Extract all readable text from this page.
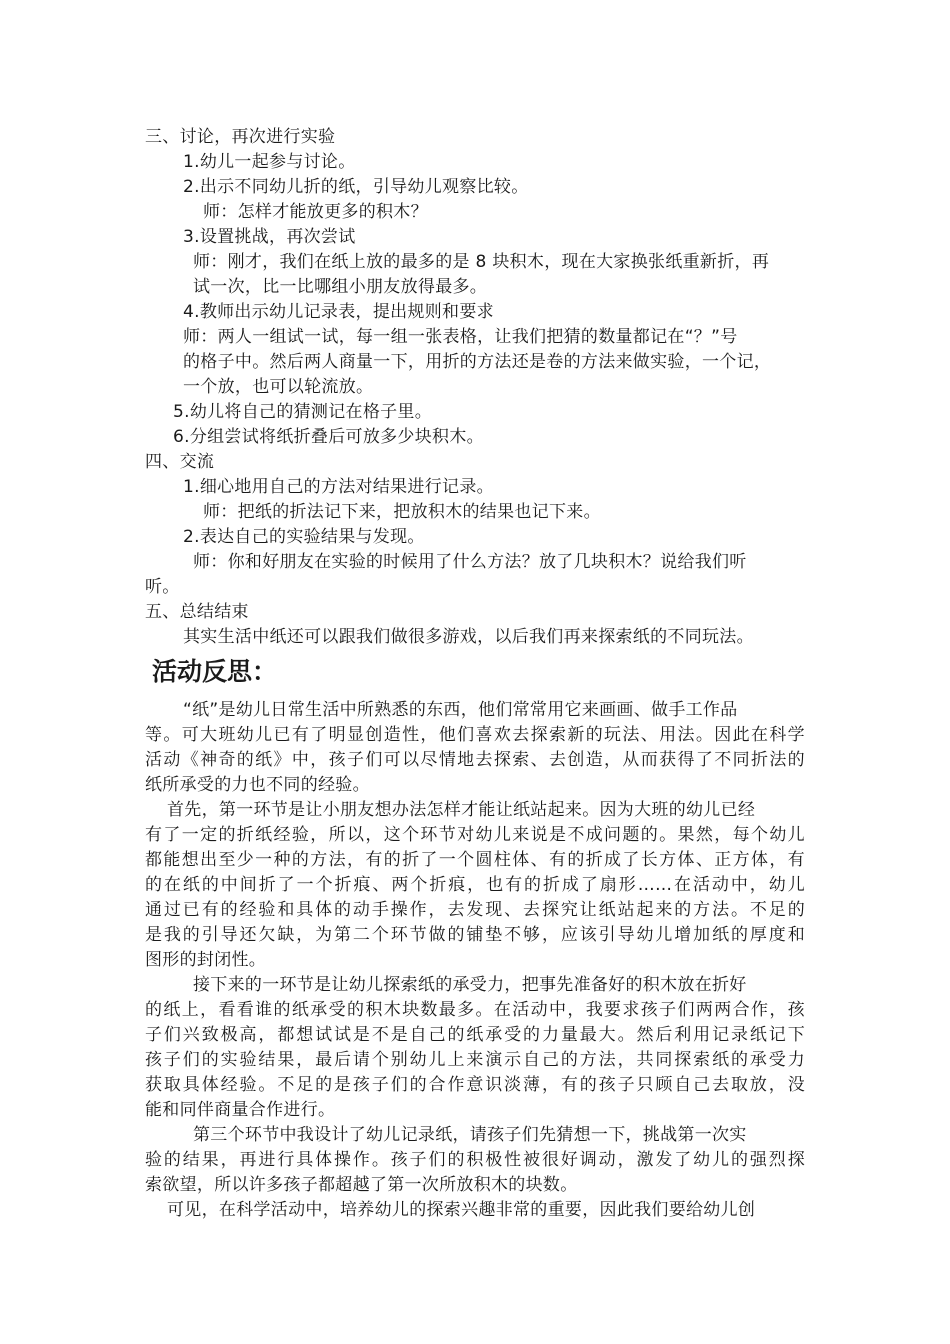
三、讨论，再次进行实验
1.幼儿一起参与讨论。
2.出示不同幼儿折的纸，引导幼儿观察比较。
师：怎样才能放更多的积木？
3.设置挑战，再次尝试
师：刚才，我们在纸上放的最多的是 8 块积木，现在大家换张纸重新折，再
试一次，比一比哪组小朋友放得最多。
4.教师出示幼儿记录表，提出规则和要求
师：两人一组试一试，每一组一张表格，让我们把猜的数量都记在“？”号
的格子中。然后两人商量一下，用折的方法还是卷的方法来做实验，一个记，
一个放，也可以轮流放。
5.幼儿将自己的猜测记在格子里。
6.分组尝试将纸折叠后可放多少块积木。
四、交流
1.细心地用自己的方法对结果进行记录。
师：把纸的折法记下来，把放积木的结果也记下来。
2.表达自己的实验结果与发现。
师：你和好朋友在实验的时候用了什么方法？放了几块积木？说给我们听
听。
五、总结结束
其实生活中纸还可以跟我们做很多游戏，以后我们再来探索纸的不同玩法。
活动反思：
“纸”是幼儿日常生活中所熟悉的东西，他们常常用它来画画、做手工作品
等。可大班幼儿已有了明显创造性，他们喜欢去探索新的玩法、用法。因此在科学
活动《神奇的纸》中，孩子们可以尽情地去探索、去创造，从而获得了不同折法的
纸所承受的力也不同的经验。
首先，第一环节是让小朋友想办法怎样才能让纸站起来。因为大班的幼儿已经
有了一定的折纸经验，所以，这个环节对幼儿来说是不成问题的。果然，每个幼儿
都能想出至少一种的方法，有的折了一个圆柱体、有的折成了长方体、正方体，有
的在纸的中间折了一个折痕、两个折痕，也有的折成了扇形……在活动中，幼儿
通过已有的经验和具体的动手操作，去发现、去探究让纸站起来的方法。不足的
是我的引导还欠缺，为第二个环节做的铺垫不够，应该引导幼儿增加纸的厚度和
图形的封闭性。
接下来的一环节是让幼儿探索纸的承受力，把事先准备好的积木放在折好
的纸上，看看谁的纸承受的积木块数最多。在活动中，我要求孩子们两两合作，孩
子们兴致极高，都想试试是不是自己的纸承受的力量最大。然后利用记录纸记下
孩子们的实验结果，最后请个别幼儿上来演示自己的方法，共同探索纸的承受力
获取具体经验。不足的是孩子们的合作意识淡薄，有的孩子只顾自己去取放，没
能和同伴商量合作进行。
第三个环节中我设计了幼儿记录纸，请孩子们先猜想一下，挑战第一次实
验的结果，再进行具体操作。孩子们的积极性被很好调动，激发了幼儿的强烈探
索欲望，所以许多孩子都超越了第一次所放积木的块数。
可见，在科学活动中，培养幼儿的探索兴趣非常的重要，因此我们要给幼儿创
